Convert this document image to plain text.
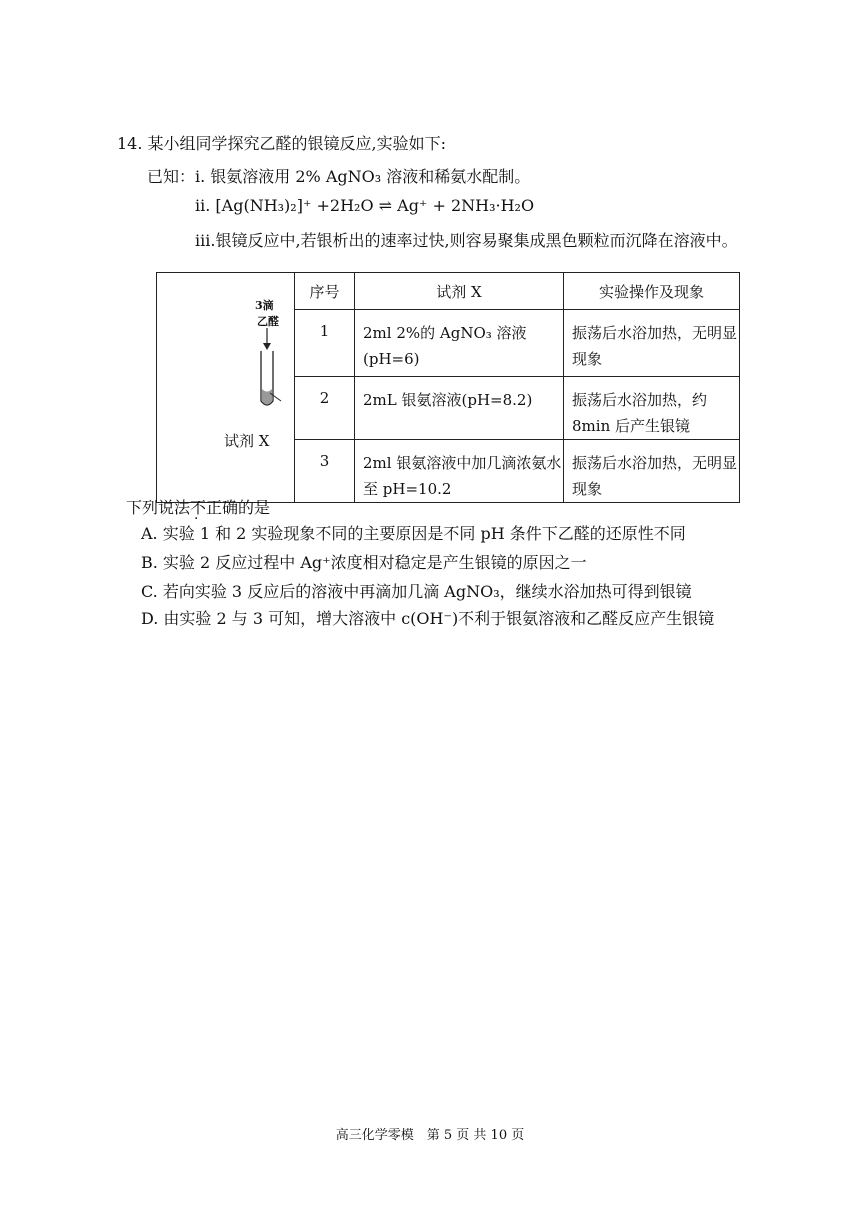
14. 某小组同学探究乙醛的银镜反应,实验如下:
已知： i. 银氨溶液用 2% AgNO₃ 溶液和稀氨水配制。
ii. [Ag(NH₃)₂]⁺ +2H₂O ⇌ Ag⁺ + 2NH₃·H₂O
iii.银镜反应中,若银析出的速率过快,则容易聚集成黑色颗粒而沉降在溶液中。
3滴
乙醛
试剂 X	序号	试剂 X	实验操作及现象

	1	2ml 2%的 AgNO₃ 溶液 (pH=6)	振荡后水浴加热，无明显现象

	2	2mL 银氨溶液(pH=8.2)	振荡后水浴加热，约 8min 后产生银镜

	3	2ml 银氨溶液中加几滴浓氨水至 pH=10.2	振荡后水浴加热，无明显现象
下列说法不正确的是
A. 实验 1 和 2 实验现象不同的主要原因是不同 pH 条件下乙醛的还原性不同
B. 实验 2 反应过程中 Ag⁺浓度相对稳定是产生银镜的原因之一
C. 若向实验 3 反应后的溶液中再滴加几滴 AgNO₃，继续水浴加热可得到银镜
D. 由实验 2 与 3 可知，增大溶液中 c(OH⁻)不利于银氨溶液和乙醛反应产生银镜
高三化学零模　第 5 页 共 10 页
